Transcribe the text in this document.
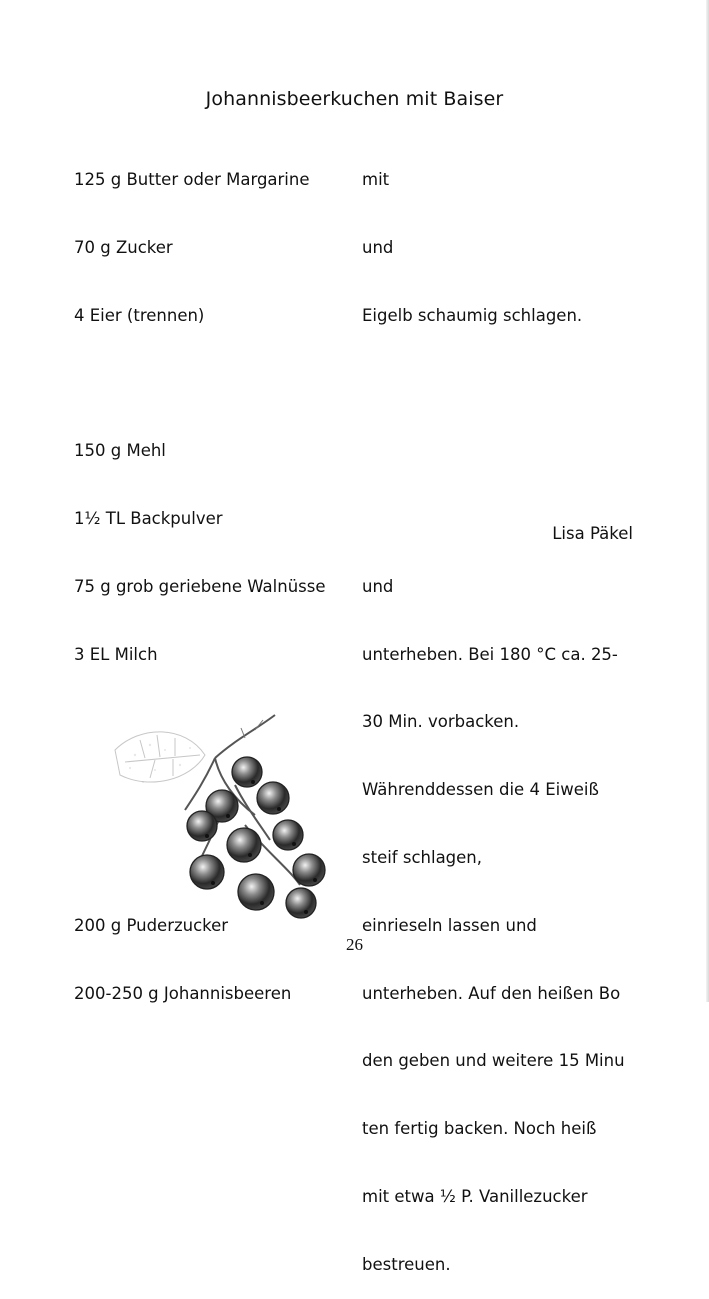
Johannisbeerkuchen mit Baiser

125 g Butter oder Margarine

70 g Zucker

4 Eier (trennen)

150 g Mehl

1½ TL Backpulver

75 g grob geriebene Walnüsse

3 EL Milch

200 g Puderzucker

200-250 g Johannisbeeren

mit

und

Eigelb schaumig schlagen.

und

unterheben. Bei 180 °C ca. 25-

30 Min. vorbacken.

Währenddessen die 4 Eiweiß

steif schlagen,

einrieseln lassen und

unterheben. Auf den heißen Bo

den geben und weitere 15 Minu

ten fertig backen. Noch heiß

mit etwa ½ P. Vanillezucker

bestreuen.

Lisa Päkel
26
